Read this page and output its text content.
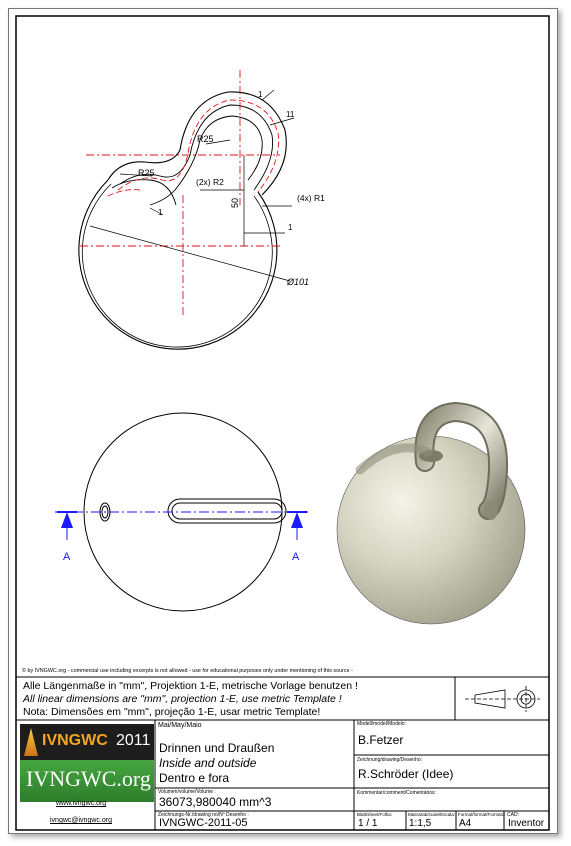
R25
R25
(2x) R2
(4x) R1
50
11
1
1
1
Ø101
A	A
© by IVNGWC.org - commercial use including excerpts is not allowed - use for educational purposes only under mentioning of this source -
Alle Längenmaße in "mm", Projektion 1-E, metrische Vorlage benutzen !
All linear dimensions are "mm", projection 1-E, use metric Template !
Nota: Dimensões em "mm", projeção 1-E, usar metric Template!
IVNGWC 2011
IVNGWC.org
www.ivngwc.org
ivngwc@ivngwc.org
Mai/May/Maio
Drinnen und Draußen
Inside and outside
Dentro e fora
Volumen/volume/Volume :
36073,980040 mm^3
Zeichnungs-Nr./drawing no/Nº Desenho :
IVNGWC-2011-05
Modell/model/Modelo:
B.Fetzer
Zeichnung/drawing/Desenho:
R.Schröder (Idee)
Kommentar/comment/Comentários:
Blatt/sheet/Folha:
1 / 1
Massstab/scale/Escala:
1:1,5
Format/format/Formato:
A4
CAD:
Inventor
